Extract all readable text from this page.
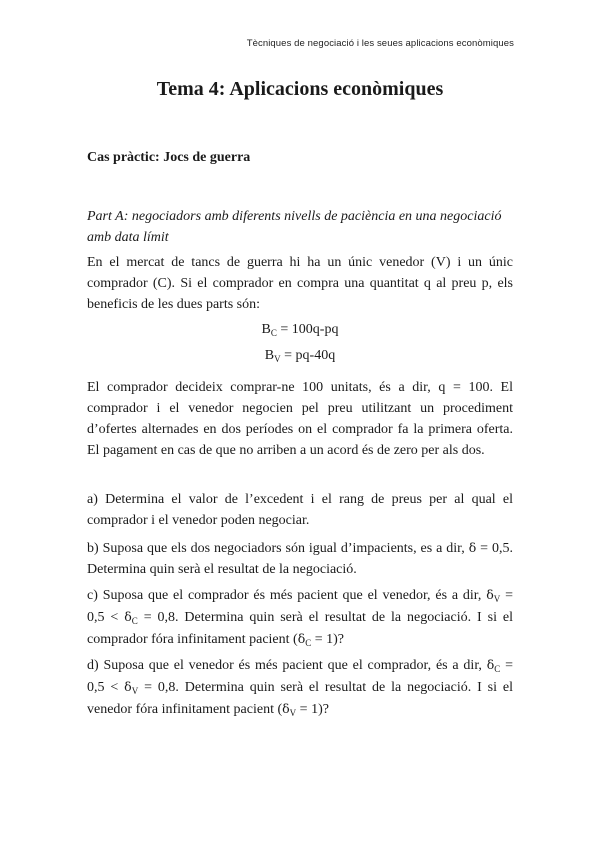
Tècniques de negociació i les seues aplicacions econòmiques
Tema 4: Aplicacions econòmiques
Cas pràctic: Jocs de guerra
Part A: negociadors amb diferents nivells de paciència en una negociació amb data límit
En el mercat de tancs de guerra hi ha un únic venedor (V) i un únic comprador (C). Si el comprador en compra una quantitat q al preu p, els beneficis de les dues parts són:
$B_C = 100q-pq$
$B_V = pq-40q$
El comprador decideix comprar-ne 100 unitats, és a dir, q = 100. El comprador i el venedor negocien pel preu utilitzant un procediment d’ofertes alternades en dos períodes on el comprador fa la primera oferta. El pagament en cas de que no arriben a un acord és de zero per als dos.
a) Determina el valor de l’excedent i el rang de preus per al qual el comprador i el venedor poden negociar.
b) Suposa que els dos negociadors són igual d’impacients, es a dir, δ = 0,5. Determina quin serà el resultat de la negociació.
c) Suposa que el comprador és més pacient que el venedor, és a dir, $\delta_V = 0,5 < \delta_C = 0,8$. Determina quin serà el resultat de la negociació. I si el comprador fóra infinitament pacient $(\delta_C = 1)$?
d) Suposa que el venedor és més pacient que el comprador, és a dir, $\delta_C = 0,5 < \delta_V = 0,8$. Determina quin serà el resultat de la negociació. I si el venedor fóra infinitament pacient $(\delta_V = 1)$?
